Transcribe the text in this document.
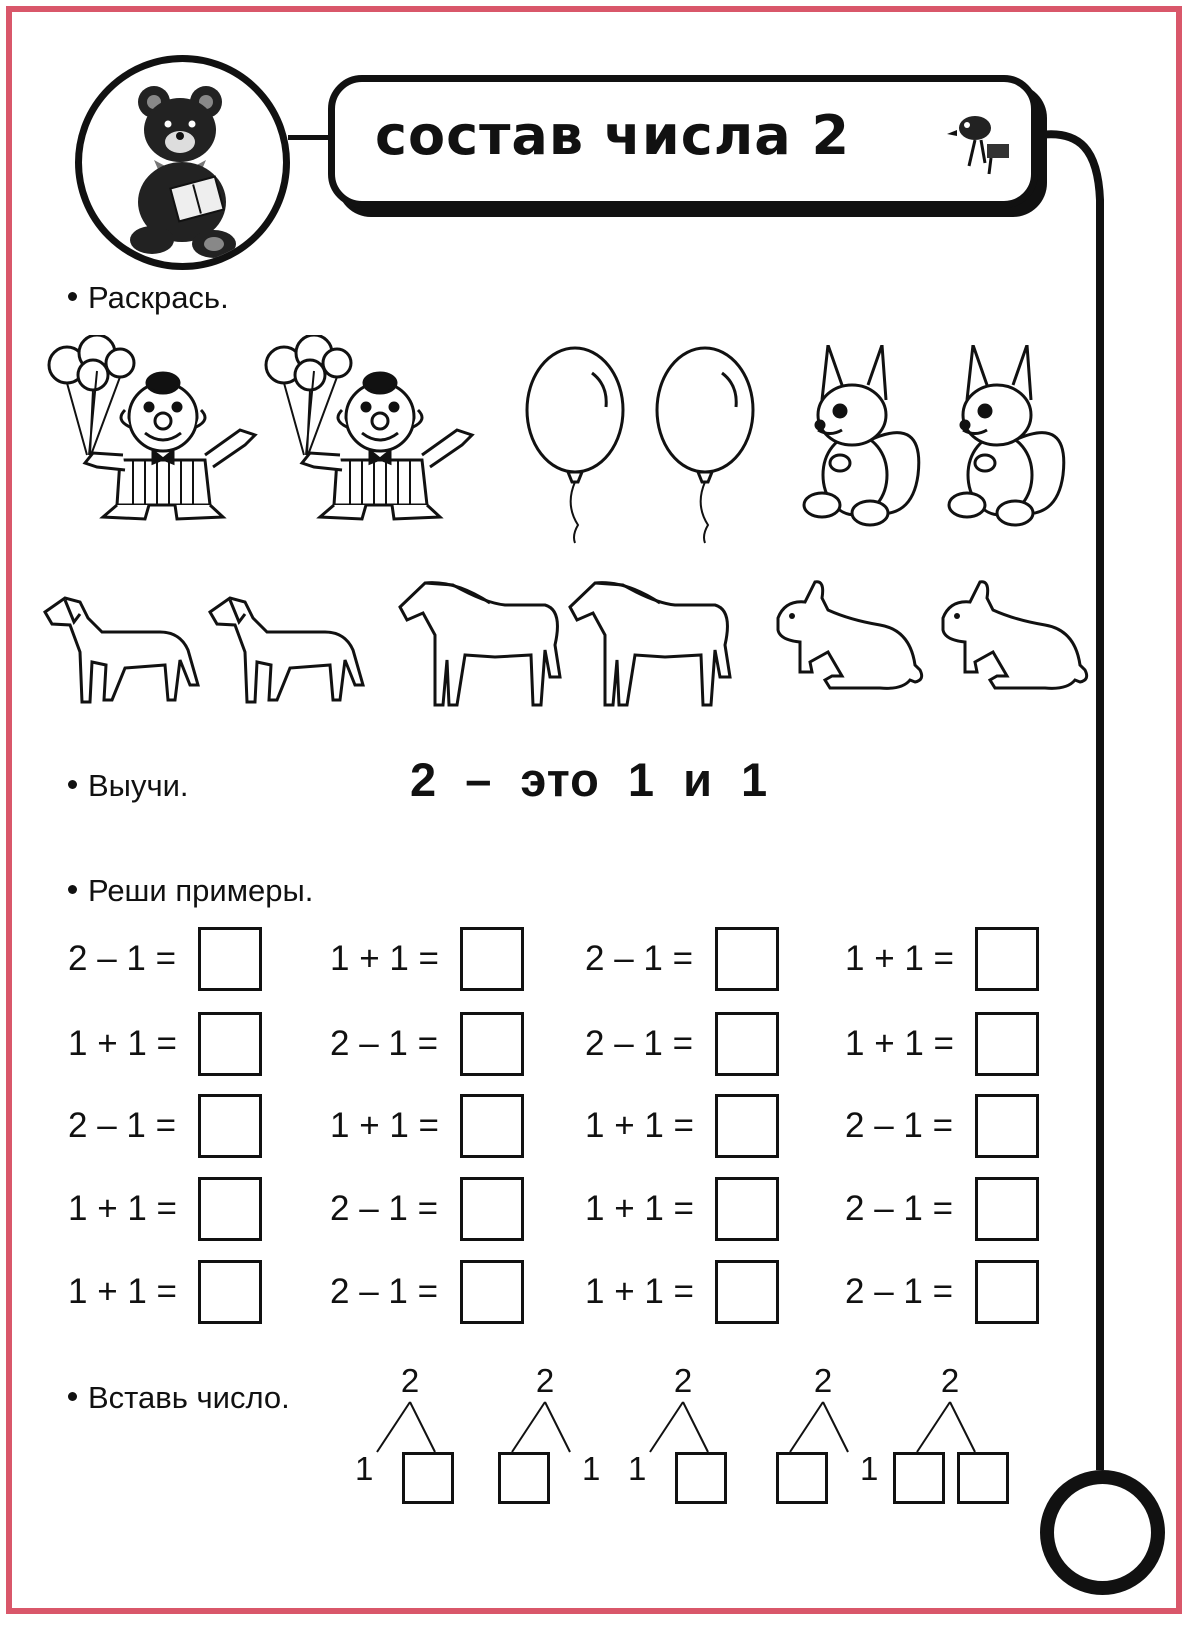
состав числа 2
Раскрась.
Выучи.	2 – это 1 и 1
Реши примеры.
2 – 1 =	1 + 1 =	2 – 1 =	1 + 1 =
1 + 1 =	2 – 1 =	2 – 1 =	1 + 1 =
2 – 1 =	1 + 1 =	1 + 1 =	2 – 1 =
1 + 1 =	2 – 1 =	1 + 1 =	2 – 1 =
1 + 1 =	2 – 1 =	1 + 1 =	2 – 1 =
Вставь число.	2
1
2
1
2
1
2
1
2
